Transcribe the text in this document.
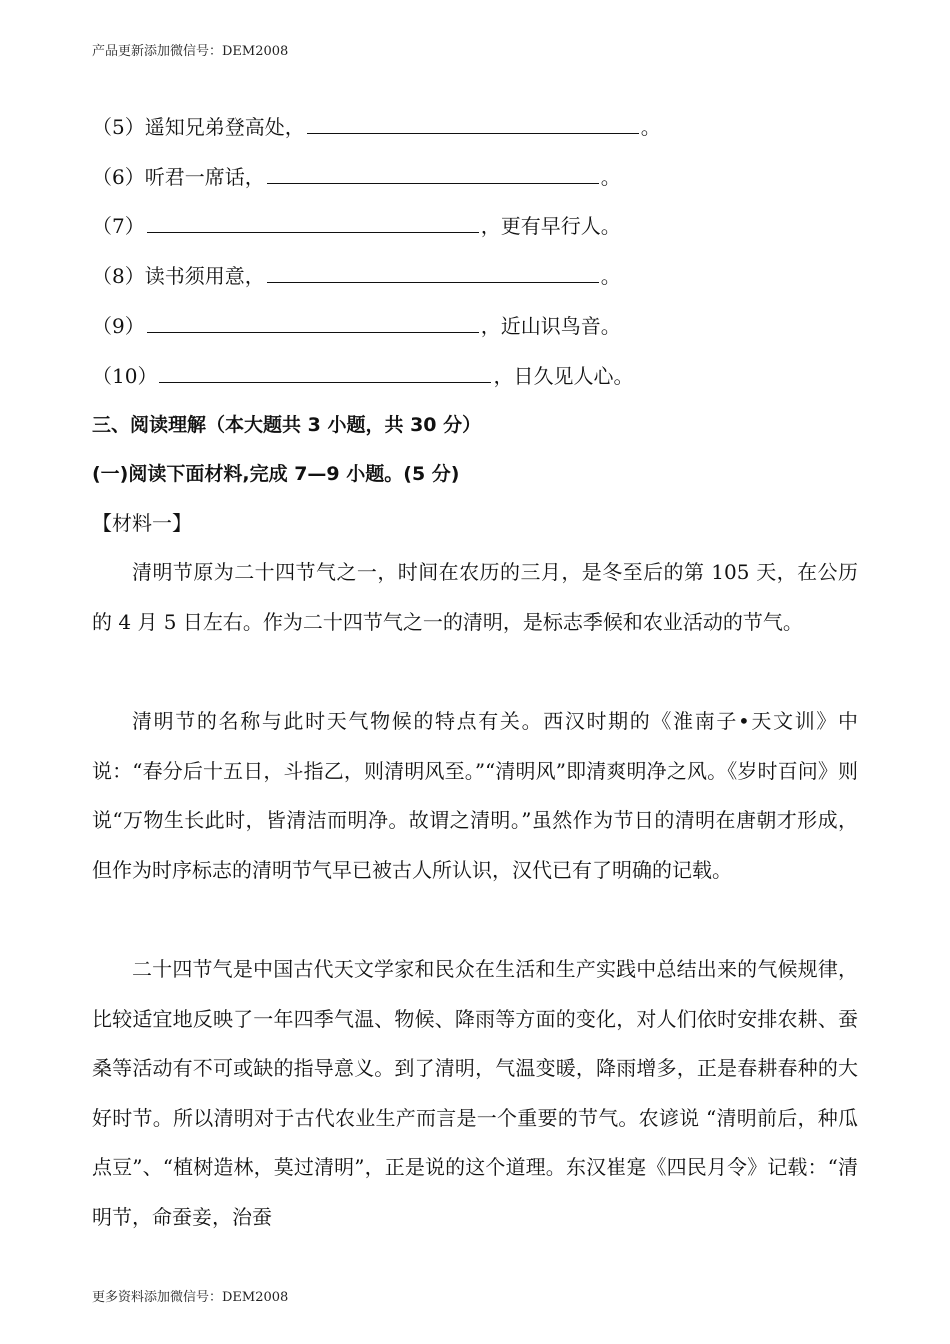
产品更新添加微信号：DEM2008
（5）遥知兄弟登高处，	。
（6）听君一席话，	。
（7）	，更有早行人。
（8）读书须用意，	。
（9）	，近山识鸟音。
（10）	，日久见人心。
三、阅读理解（本大题共 3 小题，共 30 分）
(一)阅读下面材料,完成 7—9 小题。(5 分)
【材料一】

清明节原为二十四节气之一，时间在农历的三月，是冬至后的第 105 天，在公历的 4 月 5 日左右。作为二十四节气之一的清明，是标志季候和农业活动的节气。

清明节的名称与此时天气物候的特点有关。西汉时期的《淮南子•天文训》中说：“春分后十五日，斗指乙，则清明风至。”“清明风”即清爽明净之风。《岁时百问》则说“万物生长此时，皆清洁而明净。故谓之清明。”虽然作为节日的清明在唐朝才形成，但作为时序标志的清明节气早已被古人所认识，汉代已有了明确的记载。

二十四节气是中国古代天文学家和民众在生活和生产实践中总结出来的气候规律，比较适宜地反映了一年四季气温、物候、降雨等方面的变化，对人们依时安排农耕、蚕桑等活动有不可或缺的指导意义。到了清明，气温变暖，降雨增多，正是春耕春种的大好时节。所以清明对于古代农业生产而言是一个重要的节气。农谚说 “清明前后，种瓜点豆”、“植树造林，莫过清明”，正是说的这个道理。东汉崔寔《四民月令》记载：“清明节，命蚕妾，治蚕

更多资料添加微信号：DEM2008
